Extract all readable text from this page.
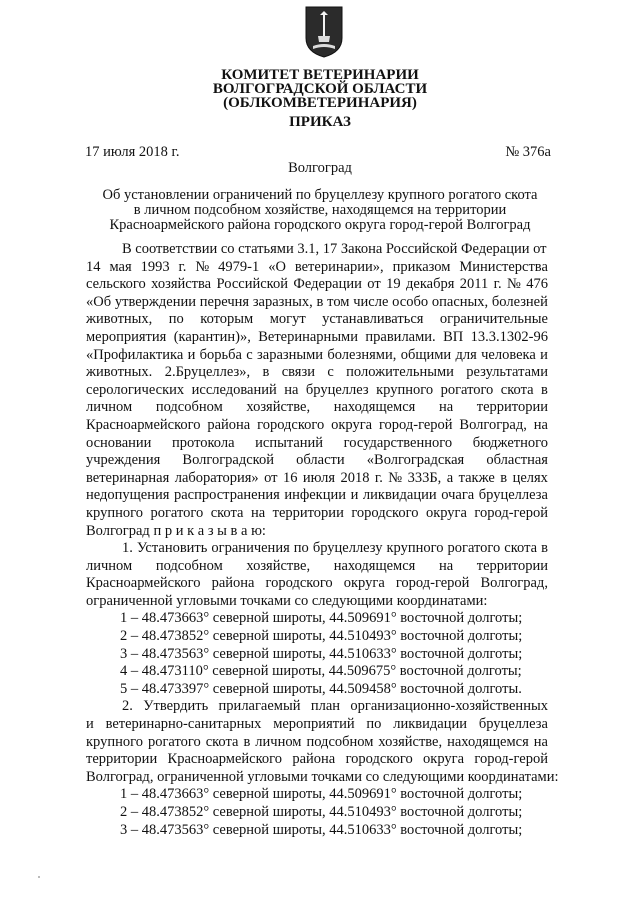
КОМИТЕТ ВЕТЕРИНАРИИ
ВОЛГОГРАДСКОЙ ОБЛАСТИ
(ОБЛКОМВЕТЕРИНАРИЯ)
ПРИКАЗ
17 июля 2018 г.	№ 376а
Волгоград
Об установлении ограничений по бруцеллезу крупного рогатого скота
в личном подсобном хозяйстве, находящемся на территории
Красноармейского района городского округа город-герой Волгоград
В соответствии со статьями 3.1, 17 Закона Российской Федерации от
14 мая 1993 г. № 4979-1 «О ветеринарии», приказом Министерства
сельского хозяйства Российской Федерации от 19 декабря 2011 г. № 476
«Об утверждении перечня заразных, в том числе особо опасных, болезней
животных, по которым могут устанавливаться ограничительные
мероприятия (карантин)», Ветеринарными правилами. ВП 13.3.1302-96
«Профилактика и борьба с заразными болезнями, общими для человека и
животных. 2.Бруцеллез», в связи с положительными результатами
серологических исследований на бруцеллез крупного рогатого скота в
личном подсобном хозяйстве, находящемся на территории
Красноармейского района городского округа город-герой Волгоград, на
основании протокола испытаний государственного бюджетного
учреждения Волгоградской области «Волгоградская областная
ветеринарная лаборатория» от 16 июля 2018 г. № 333Б, а также в целях
недопущения распространения инфекции и ликвидации очага бруцеллеза
крупного рогатого скота на территории городского округа город-герой
Волгоград п р и к а з ы в а ю:
1. Установить ограничения по бруцеллезу крупного рогатого скота в
личном подсобном хозяйстве, находящемся на территории
Красноармейского района городского округа город-герой Волгоград,
ограниченной угловыми точками со следующими координатами:
1 – 48.473663° северной широты, 44.509691° восточной долготы;
2 – 48.473852° северной широты, 44.510493° восточной долготы;
3 – 48.473563° северной широты, 44.510633° восточной долготы;
4 – 48.473110° северной широты, 44.509675° восточной долготы;
5 – 48.473397° северной широты, 44.509458° восточной долготы.
2. Утвердить прилагаемый план организационно-хозяйственных
и ветеринарно-санитарных мероприятий по ликвидации бруцеллеза
крупного рогатого скота в личном подсобном хозяйстве, находящемся на
территории Красноармейского района городского округа город-герой
Волгоград, ограниченной угловыми точками со следующими координатами:
1 – 48.473663° северной широты, 44.509691° восточной долготы;
2 – 48.473852° северной широты, 44.510493° восточной долготы;
3 – 48.473563° северной широты, 44.510633° восточной долготы;
